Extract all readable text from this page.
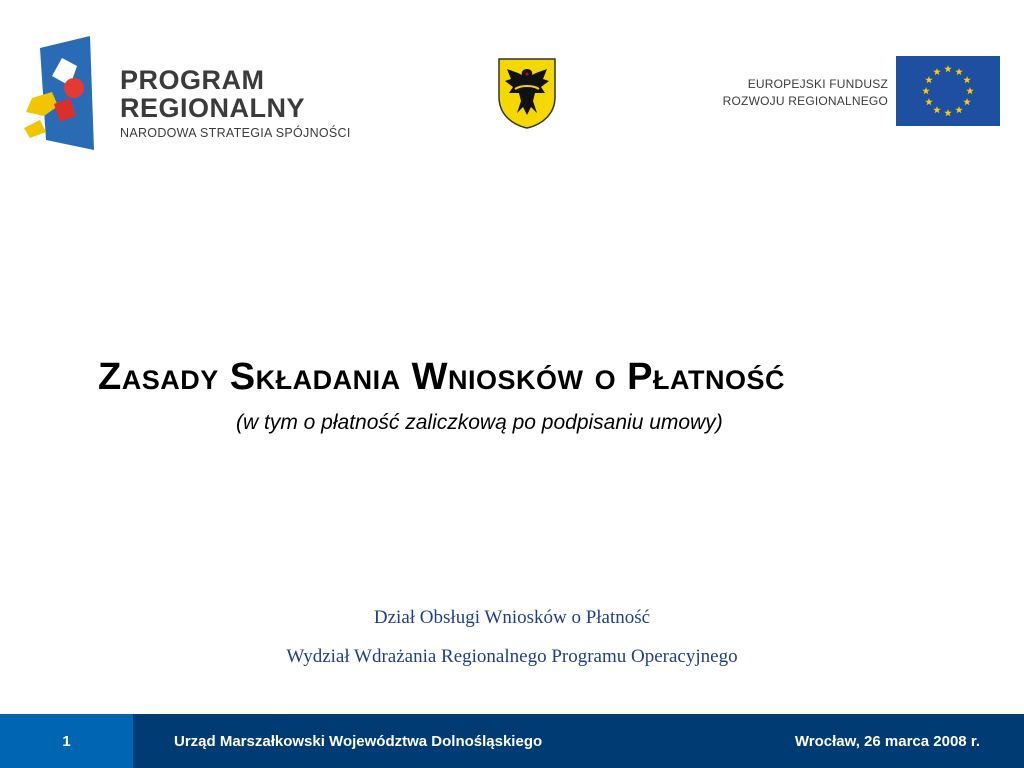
PROGRAM
REGIONALNY
NARODOWA STRATEGIA SPÓJNOŚCI
EUROPEJSKI FUNDUSZ
ROZWOJU REGIONALNEGO
Zasady Składania Wniosków o Płatność
(w tym o płatność zaliczkową po podpisaniu umowy)
Dział Obsługi Wniosków o Płatność
Wydział Wdrażania Regionalnego Programu Operacyjnego
1	Urząd Marszałkowski Województwa Dolnośląskiego	Wrocław, 26 marca 2008 r.
